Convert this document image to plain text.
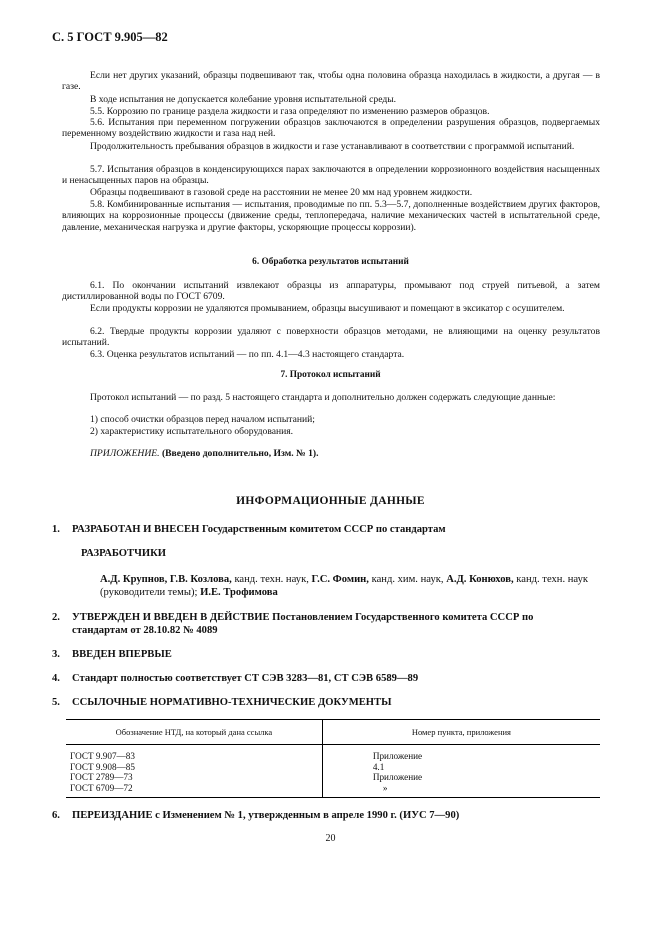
С. 5 ГОСТ 9.905—82
Если нет других указаний, образцы подвешивают так, чтобы одна половина образца находилась в жидкости, а другая — в газе.
В ходе испытания не допускается колебание уровня испытательной среды.
5.5. Коррозию по границе раздела жидкости и газа определяют по изменению размеров образцов.
5.6. Испытания при переменном погружении образцов заключаются в определении разрушения образцов, подвергаемых переменному воздействию жидкости и газа над ней.
Продолжительность пребывания образцов в жидкости и газе устанавливают в соответствии с программой испытаний.
5.7. Испытания образцов в конденсирующихся парах заключаются в определении коррозионного воздействия насыщенных и ненасыщенных паров на образцы.
Образцы подвешивают в газовой среде на расстоянии не менее 20 мм над уровнем жидкости.
5.8. Комбинированные испытания — испытания, проводимые по пп. 5.3—5.7, дополненные воздействием других факторов, влияющих на коррозионные процессы (движение среды, теплопередача, наличие механических частей в испытательной среде, давление, механическая нагрузка и другие факторы, ускоряющие процессы коррозии).
6. Обработка результатов испытаний
6.1. По окончании испытаний извлекают образцы из аппаратуры, промывают под струей питьевой, а затем дистиллированной воды по ГОСТ 6709.
Если продукты коррозии не удаляются промыванием, образцы высушивают и помещают в эксикатор с осушителем.
6.2. Твердые продукты коррозии удаляют с поверхности образцов методами, не влияющими на оценку результатов испытаний.
6.3. Оценка результатов испытаний — по пп. 4.1—4.3 настоящего стандарта.
7. Протокол испытаний
Протокол испытаний — по разд. 5 настоящего стандарта и дополнительно должен содержать следующие данные:
1) способ очистки образцов перед началом испытаний;
2) характеристику испытательного оборудования.
ПРИЛОЖЕНИЕ. (Введено дополнительно, Изм. № 1).
ИНФОРМАЦИОННЫЕ ДАННЫЕ
1. РАЗРАБОТАН И ВНЕСЕН Государственным комитетом СССР по стандартам
РАЗРАБОТЧИКИ
А.Д. Крупнов, Г.В. Козлова, канд. техн. наук, Г.С. Фомин, канд. хим. наук, А.Д. Конюхов, канд. техн. наук (руководители темы); И.Е. Трофимова
2. УТВЕРЖДЕН И ВВЕДЕН В ДЕЙСТВИЕ Постановлением Государственного комитета СССР по
стандартам от 28.10.82 № 4089
3. ВВЕДЕН ВПЕРВЫЕ
4. Стандарт полностью соответствует СТ СЭВ 3283—81, СТ СЭВ 6589—89
5. ССЫЛОЧНЫЕ НОРМАТИВНО-ТЕХНИЧЕСКИЕ ДОКУМЕНТЫ
Обозначение НТД, на который дана ссылка	Номер пункта, приложения
ГОСТ 9.907—83	Приложение
ГОСТ 9.908—85	4.1
ГОСТ 2789—73	Приложение
ГОСТ 6709—72	»
6. ПЕРЕИЗДАНИЕ с Изменением № 1, утвержденным в апреле 1990 г. (ИУС 7—90)
20
